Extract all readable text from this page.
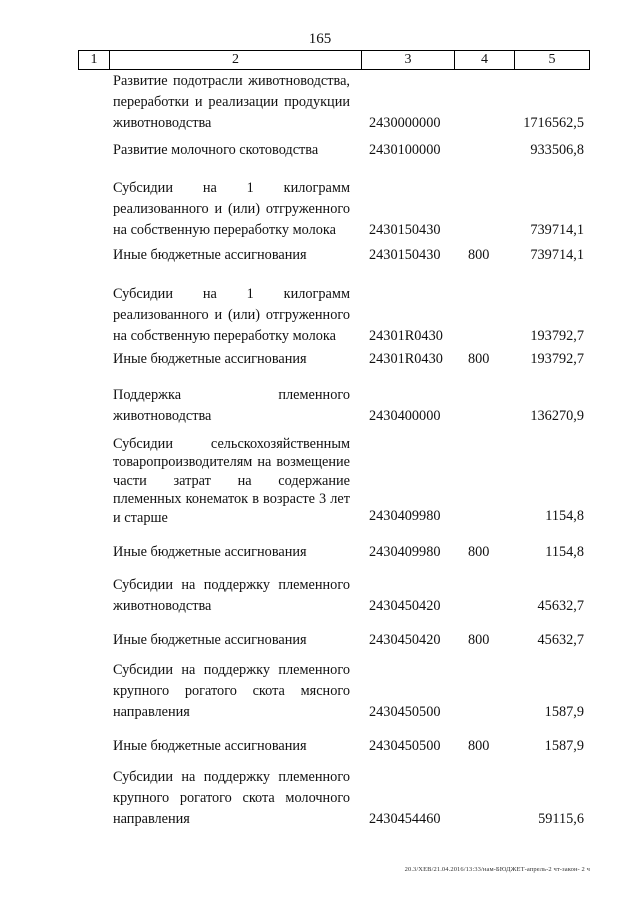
165
1	2	3	4	5
Развитие подотрасли животноводства, переработки и реализации продукции животноводства	2430000000	1716562,5
Развитие молочного скотоводства	2430100000	933506,8
Субсидии на 1 килограмм реализованного и (или) отгруженного на собственную переработку молока	2430150430	739714,1
Иные бюджетные ассигнования	2430150430 800	739714,1
Субсидии на 1 килограмм реализованного и (или) отгруженного на собственную переработку молока	24301R0430	193792,7
Иные бюджетные ассигнования	24301R0430 800	193792,7
Поддержка племенного животноводства	2430400000	136270,9
Субсидии сельскохозяйственным товаропроизводителям на возмещение части затрат на содержание племенных конематок в возрасте 3 лет и старше	2430409980	1154,8
Иные бюджетные ассигнования	2430409980 800	1154,8
Субсидии на поддержку племенного животноводства	2430450420	45632,7
Иные бюджетные ассигнования	2430450420 800	45632,7
Субсидии на поддержку племенного крупного рогатого скота мясного направления	2430450500	1587,9
Иные бюджетные ассигнования	2430450500 800	1587,9
Субсидии на поддержку племенного крупного рогатого скота молочного направления	2430454460	59115,6
20.3/ХЕВ/21.04.2016/13:33/нам-БЮДЖЕТ-апрель-2 чт-закон- 2 ч
